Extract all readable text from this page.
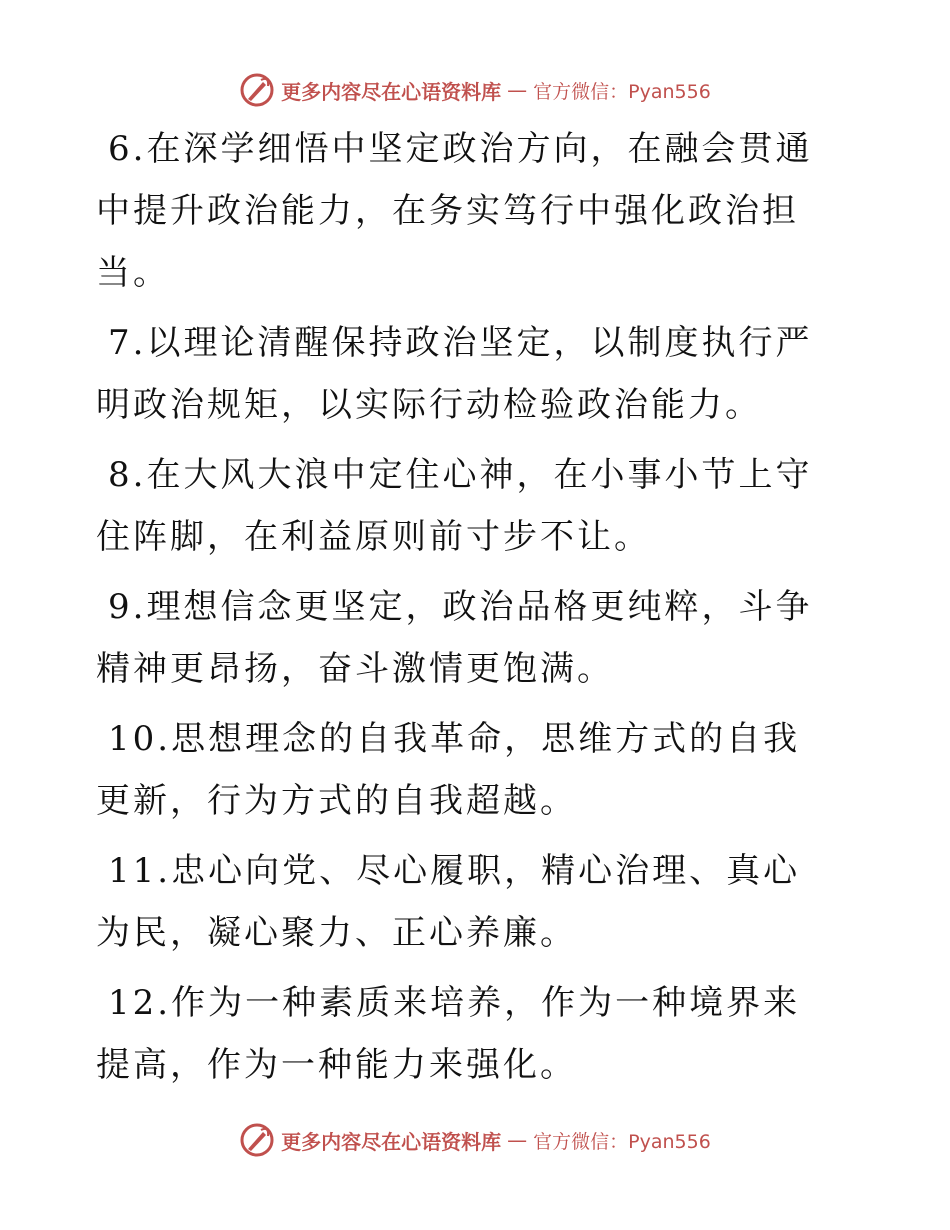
更多内容尽在心语资料库 — 官方微信：Pyan556

6.在深学细悟中坚定政治方向，在融会贯通中提升政治能力，在务实笃行中强化政治担当。

7.以理论清醒保持政治坚定，以制度执行严明政治规矩，以实际行动检验政治能力。

8.在大风大浪中定住心神，在小事小节上守住阵脚，在利益原则前寸步不让。

9.理想信念更坚定，政治品格更纯粹，斗争精神更昂扬，奋斗激情更饱满。

10.思想理念的自我革命，思维方式的自我更新，行为方式的自我超越。

11.忠心向党、尽心履职，精心治理、真心为民，凝心聚力、正心养廉。

12.作为一种素质来培养，作为一种境界来提高，作为一种能力来强化。

更多内容尽在心语资料库 — 官方微信：Pyan556
